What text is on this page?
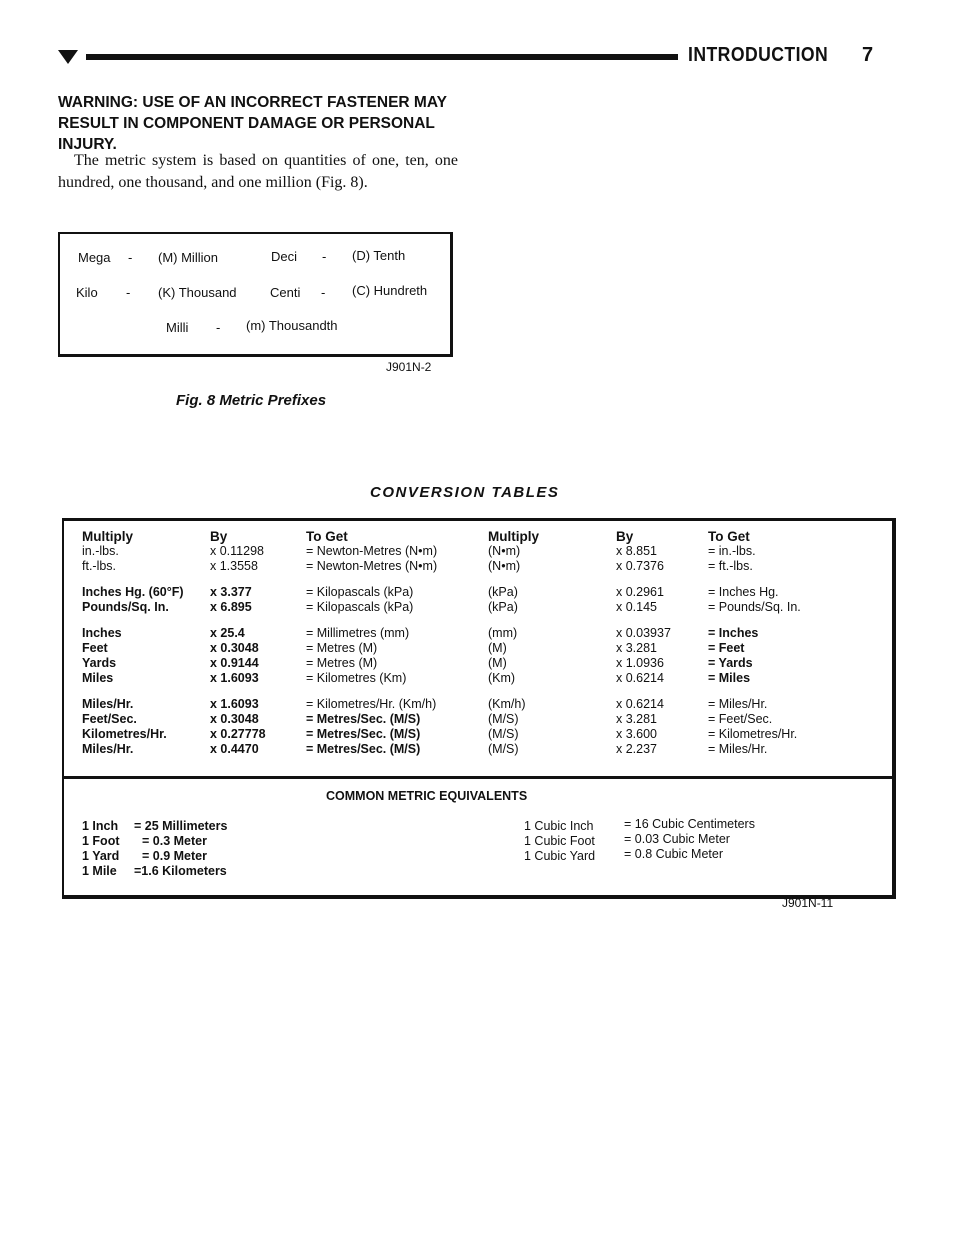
INTRODUCTION 7
WARNING: USE OF AN INCORRECT FASTENER MAY RESULT IN COMPONENT DAMAGE OR PERSONAL INJURY.
The metric system is based on quantities of one, ten, one hundred, one thousand, and one million (Fig. 8).
Mega - (M) Million	Deci - (D) Tenth
Kilo - (K) Thousand	Centi - (C) Hundreth
Milli - (m) Thousandth
J901N-2
Fig. 8 Metric Prefixes
CONVERSION TABLES
Multiply
in.-lbs.
ft.-lbs.
Inches Hg. (60°F)
Pounds/Sq. In.
Inches
Feet
Yards
Miles
Miles/Hr.
Feet/Sec.
Kilometres/Hr.
Miles/Hr.
By
x 0.11298
x 1.3558
x 3.377
x 6.895
x 25.4
x 0.3048
x 0.9144
x 1.6093
x 1.6093
x 0.3048
x 0.27778
x 0.4470
To Get
= Newton-Metres (N•m)
= Newton-Metres (N•m)
= Kilopascals (kPa)
= Kilopascals (kPa)
= Millimetres (mm)
= Metres (M)
= Metres (M)
= Kilometres (Km)
= Kilometres/Hr. (Km/h)
= Metres/Sec. (M/S)
= Metres/Sec. (M/S)
= Metres/Sec. (M/S)
Multiply
(N•m)
(N•m)
(kPa)
(kPa)
(mm)
(M)
(M)
(Km)
(Km/h)
(M/S)
(M/S)
(M/S)
By
x 8.851
x 0.7376
x 0.2961
x 0.145
x 0.03937
x 3.281
x 1.0936
x 0.6214
x 0.6214
x 3.281
x 3.600
x 2.237
To Get
= in.-lbs.
= ft.-lbs.
= Inches Hg.
= Pounds/Sq. In.
= Inches
= Feet
= Yards
= Miles
= Miles/Hr.
= Feet/Sec.
= Kilometres/Hr.
= Miles/Hr.
COMMON METRIC EQUIVALENTS
1 Inch
1 Foot
1 Yard
1 Mile
= 25 Millimeters
= 0.3 Meter
= 0.9 Meter
=1.6 Kilometers
1 Cubic Inch
1 Cubic Foot
1 Cubic Yard
= 16 Cubic Centimeters
= 0.03 Cubic Meter
= 0.8 Cubic Meter
J901N-11
